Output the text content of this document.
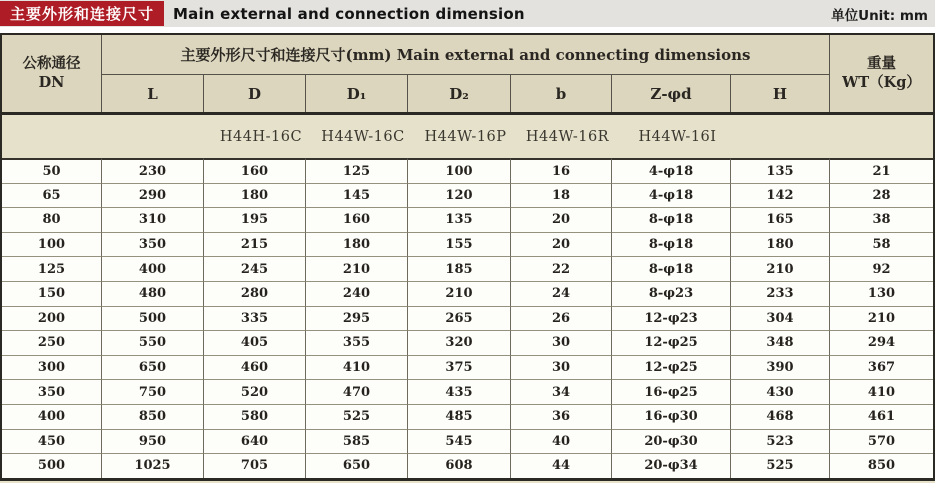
主要外形和连接尺寸	Main external and connection dimension	单位Unit: mm
公称通径
DN
主要外形尺寸和连接尺寸(mm) Main external and connecting dimensions	重量
WT（Kg）
L	D	D₁	D₂	b	Z-φd	H
H44H-16C	H44W-16C	H44W-16P	H44W-16R	H44W-16I
50	230	160	125	100	16	4-φ18	135	21
65	290	180	145	120	18	4-φ18	142	28
80	310	195	160	135	20	8-φ18	165	38
100	350	215	180	155	20	8-φ18	180	58
125	400	245	210	185	22	8-φ18	210	92
150	480	280	240	210	24	8-φ23	233	130
200	500	335	295	265	26	12-φ23	304	210
250	550	405	355	320	30	12-φ25	348	294
300	650	460	410	375	30	12-φ25	390	367
350	750	520	470	435	34	16-φ25	430	410
400	850	580	525	485	36	16-φ30	468	461
450	950	640	585	545	40	20-φ30	523	570
500	1025	705	650	608	44	20-φ34	525	850
